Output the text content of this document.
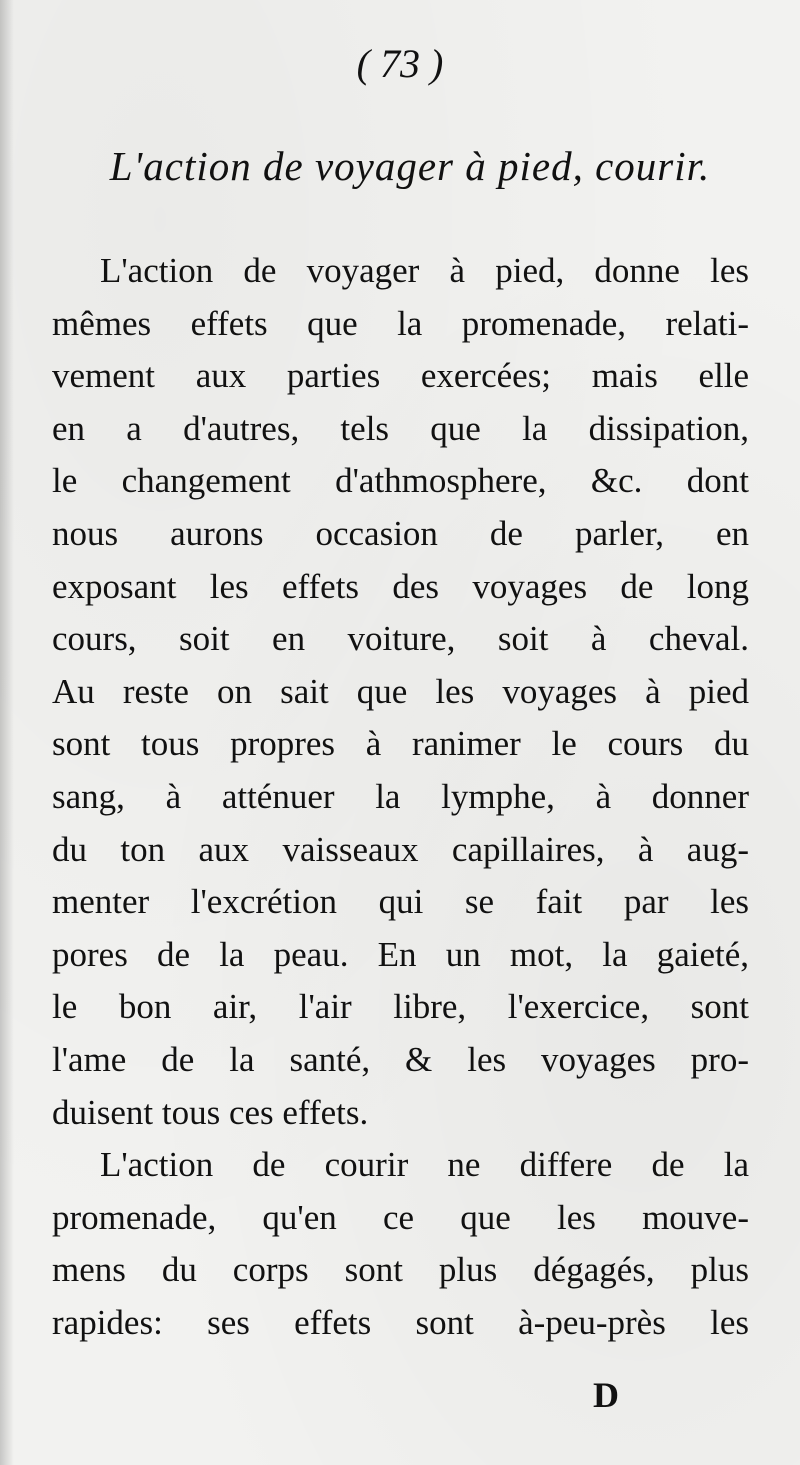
( 73 )
L'action de voyager à pied, courir.
L'action de voyager à pied, donne les
mêmes effets que la promenade, relati-
vement aux parties exercées; mais elle
en a d'autres, tels que la dissipation,
le changement d'athmosphere, &c. dont
nous aurons occasion de parler, en
exposant les effets des voyages de long
cours, soit en voiture, soit à cheval.
Au reste on sait que les voyages à pied
sont tous propres à ranimer le cours du
sang, à atténuer la lymphe, à donner
du ton aux vaisseaux capillaires, à aug-
menter l'excrétion qui se fait par les
pores de la peau. En un mot, la gaieté,
le bon air, l'air libre, l'exercice, sont
l'ame de la santé, & les voyages pro-
duisent tous ces effets.
L'action de courir ne differe de la
promenade, qu'en ce que les mouve-
mens du corps sont plus dégagés, plus
rapides: ses effets sont à-peu-près les
D
